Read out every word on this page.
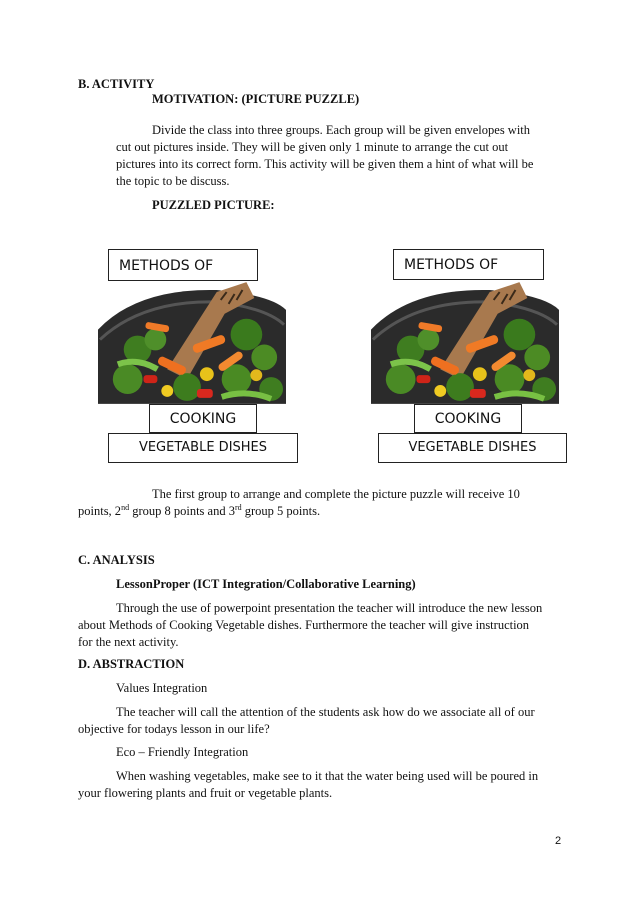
B. ACTIVITY
MOTIVATION: (PICTURE PUZZLE)
Divide the class into three groups. Each group will be given envelopes with
cut out pictures inside. They will be given only 1 minute to arrange the cut out
pictures into its correct form. This activity will be given them a hint of what will be
the topic to be discuss.
PUZZLED PICTURE:
METHODS OF
COOKING
VEGETABLE DISHES
METHODS OF
COOKING
VEGETABLE DISHES
The first group to arrange and complete the picture puzzle will receive 10
points, 2nd group 8 points and 3rd group 5 points.
C. ANALYSIS
LessonProper (ICT Integration/Collaborative Learning)
Through the use of powerpoint presentation the teacher will introduce the new lesson
about Methods of Cooking Vegetable dishes. Furthermore the teacher will give instruction
for the next activity.
D. ABSTRACTION
Values Integration
The teacher will call the attention of the students ask how do we associate all of our
objective for todays lesson in our life?
Eco – Friendly Integration
When washing vegetables, make see to it that the water being used will be poured in
your flowering plants and fruit or vegetable plants.
2
